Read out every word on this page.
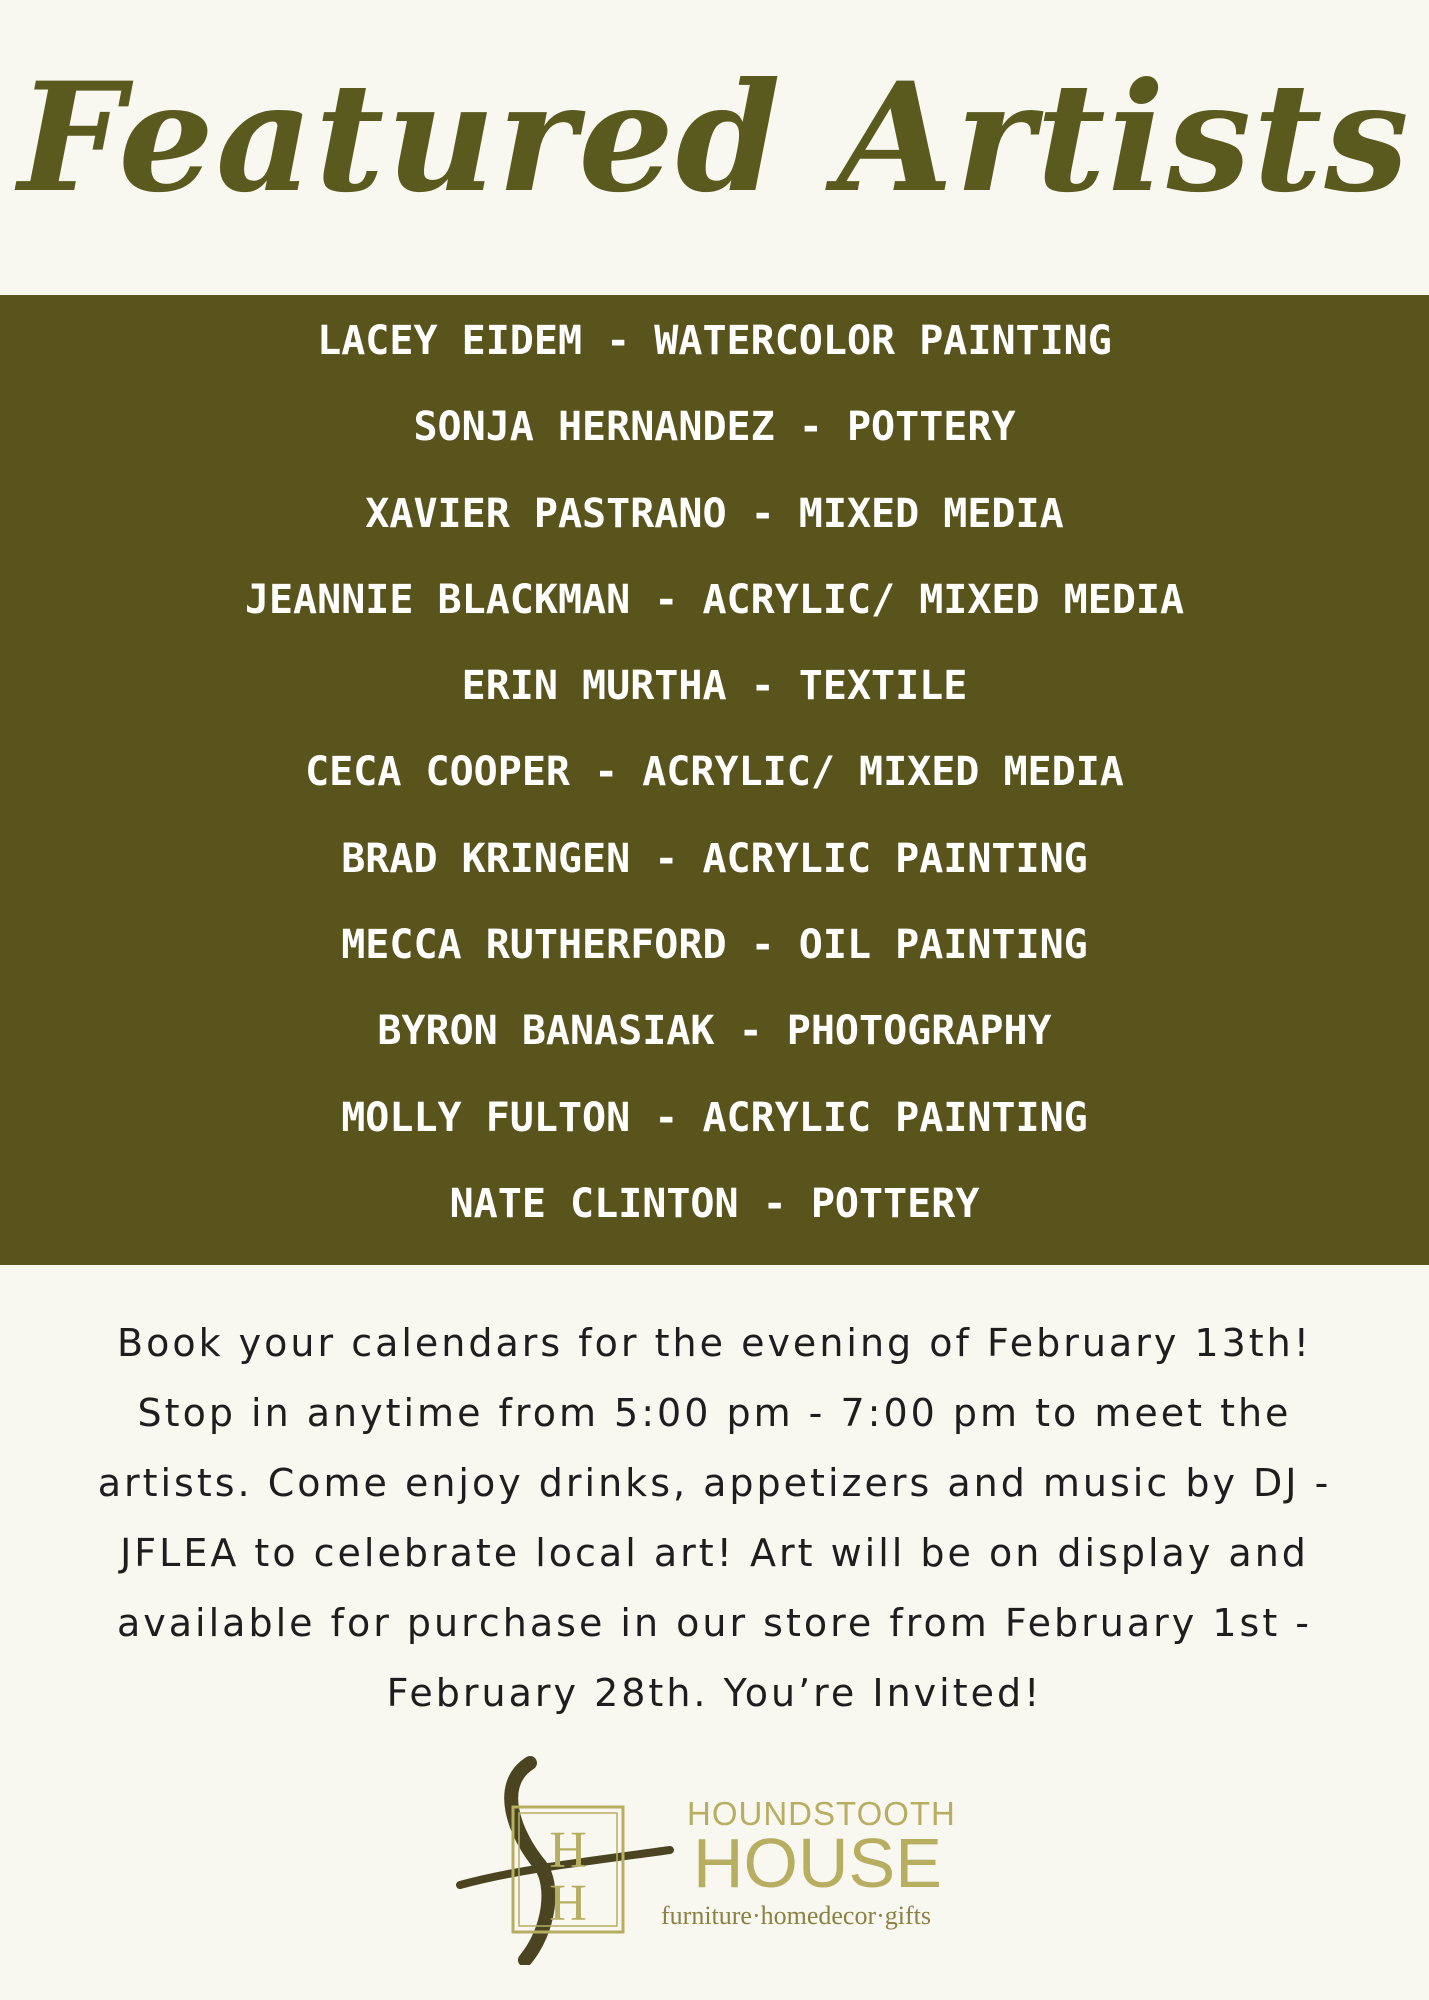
Featured Artists
LACEY EIDEM - WATERCOLOR PAINTING
SONJA HERNANDEZ - POTTERY
XAVIER PASTRANO - MIXED MEDIA
JEANNIE BLACKMAN - ACRYLIC/ MIXED MEDIA
ERIN MURTHA - TEXTILE
CECA COOPER - ACRYLIC/ MIXED MEDIA
BRAD KRINGEN - ACRYLIC PAINTING
MECCA RUTHERFORD - OIL PAINTING
BYRON BANASIAK - PHOTOGRAPHY
MOLLY FULTON - ACRYLIC PAINTING
NATE CLINTON - POTTERY

Book your calendars for the evening of February 13th! Stop in anytime from 5:00 pm - 7:00 pm to meet the artists. Come enjoy drinks, appetizers and music by DJ - JFLEA to celebrate local art! Art will be on display and available for purchase in our store from February 1st - February 28th. You’re Invited!

H
H
HOUNDSTOOTH
HOUSE
furniture·homedecor·gifts
